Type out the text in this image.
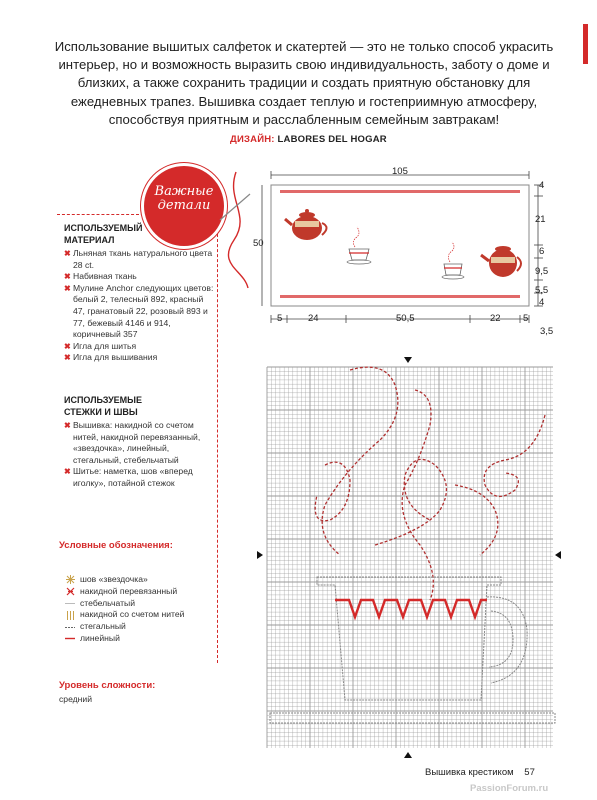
Использование вышитых салфеток и скатертей — это не только способ украсить интерьер, но и возможность выразить свою индивидуальность, заботу о доме и близких, а также сохранить традиции и создать приятную обстановку для ежедневных трапез. Вышивка создает теплую и гостеприимную атмосферу, способствуя приятным и расслабленным семейным завтракам!
ДИЗАЙН: LABORES DEL HOGAR
Важные
детали
ИСПОЛЬЗУЕМЫЙ
МАТЕРИАЛ
✖ Льняная ткань натурального цвета 28 ct.
✖ Набивная ткань
✖ Мулине Anchor следующих цветов: белый 2, телесный 892, красный 47, гранатовый 22, розовый 893 и 77, бежевый 4146 и 914, коричневый 357
✖ Игла для шитья
✖ Игла для вышивания
ИСПОЛЬЗУЕМЫЕ
СТЕЖКИ И ШВЫ
✖ Вышивка: накидной со счетом нитей, накидной перевязанный, «звездочка», линейный, стегальный, стебельчатый
✖ Шитье: наметка, шов «вперед иголку», потайной стежок
Условные обозначения:
шов «звездочка»
накидной перевязанный
стебельчатый
накидной со счетом нитей
стегальный
линейный
Уровень сложности:
средний
105
50
4
21
6
9,5
5,5
4
5	24	50,5	22 5
3,5
Вышивка крестиком 57
PassionForum.ru
